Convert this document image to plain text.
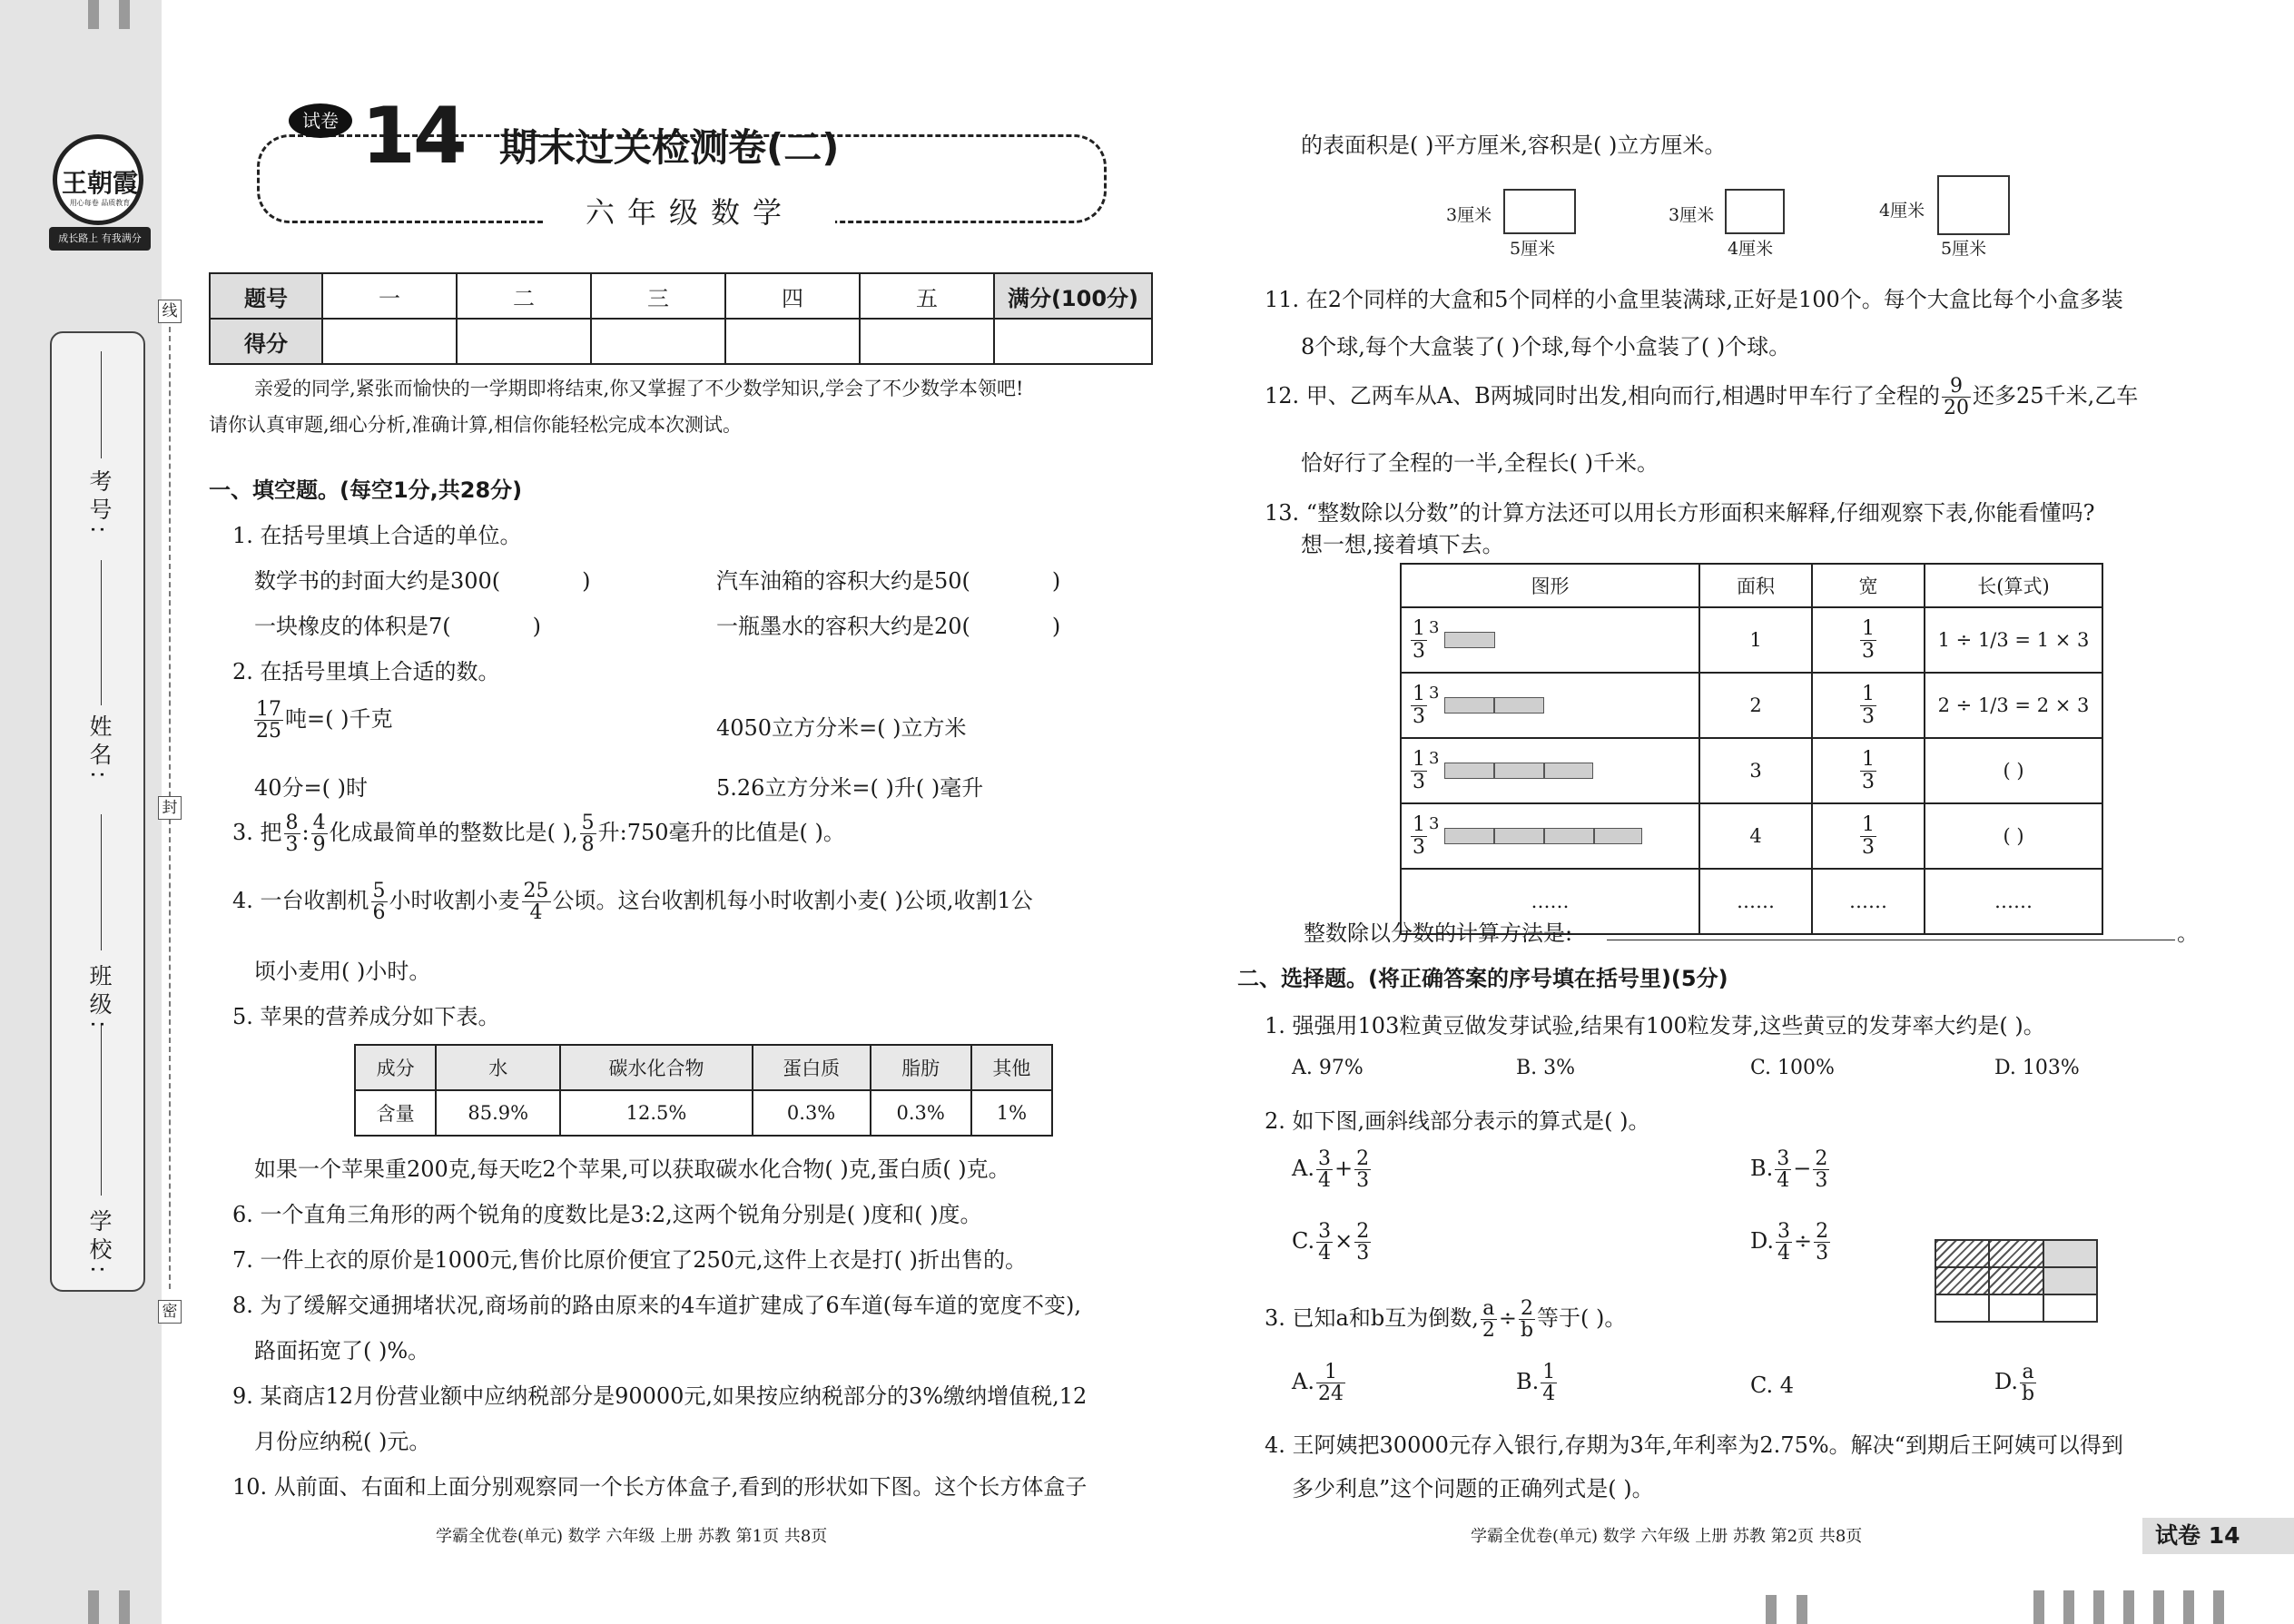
王朝霞
用心每卷 品质教育
成长路上 有我满分
学校:
班级:
姓名:
考号:
线
封
密
试卷 14 期末过关检测卷(二)
六年级数学
题号	一	二	三	四	五	满分(100分)
得分						
亲爱的同学,紧张而愉快的一学期即将结束,你又掌握了不少数学知识,学会了不少数学本领吧!
请你认真审题,细心分析,准确计算,相信你能轻松完成本次测试。
一、填空题。(每空1分,共28分)
1. 在括号里填上合适的单位。
数学书的封面大约是300(	)	汽车油箱的容积大约是50(	)
一块橡皮的体积是7(	)	一瓶墨水的容积大约是20(	)
2. 在括号里填上合适的数。
$\frac{17}{25}$ 吨=( )千克	4050立方分米=( )立方米
40分=( )时	5.26立方分米=( )升( )毫升
3. 把 $\frac{8}{3}$ : $\frac{4}{9}$ 化成最简单的整数比是( ), $\frac{5}{8}$ 升:750毫升的比值是( )。
4. 一台收割机 $\frac{5}{6}$ 小时收割小麦 $\frac{25}{4}$ 公顷。这台收割机每小时收割小麦( )公顷,收割1公
顷小麦用( )小时。
5. 苹果的营养成分如下表。
成分	水	碳水化合物	蛋白质	脂肪	其他
含量	85.9%	12.5%	0.3%	0.3%	1%
如果一个苹果重200克,每天吃2个苹果,可以获取碳水化合物( )克,蛋白质( )克。
6. 一个直角三角形的两个锐角的度数比是3:2,这两个锐角分别是( )度和( )度。
7. 一件上衣的原价是1000元,售价比原价便宜了250元,这件上衣是打( )折出售的。
8. 为了缓解交通拥堵状况,商场前的路由原来的4车道扩建成了6车道(每车道的宽度不变),
路面拓宽了( )%。
9. 某商店12月份营业额中应纳税部分是90000元,如果按应纳税部分的3%缴纳增值税,12
月份应纳税( )元。
10. 从前面、右面和上面分别观察同一个长方体盒子,看到的形状如下图。这个长方体盒子
学霸全优卷(单元) 数学 六年级 上册 苏教 第1页 共8页
的表面积是( )平方厘米,容积是( )立方厘米。
3厘米
5厘米
3厘米
4厘米
4厘米
5厘米
11. 在2个同样的大盒和5个同样的小盒里装满球,正好是100个。每个大盒比每个小盒多装
8个球,每个大盒装了( )个球,每个小盒装了( )个球。
12. 甲、乙两车从A、B两城同时出发,相向而行,相遇时甲车行了全程的 $\frac{9}{20}$ 还多25千米,乙车
恰好行了全程的一半,全程长( )千米。
13. “整数除以分数”的计算方法还可以用长方形面积来解释,仔细观察下表,你能看懂吗?
想一想,接着填下去。
图形	面积	宽	长(算式)

$\frac{1}{3} 3$	1	$\frac{1}{3}$	1 ÷ 1/3 = 1 × 3

$\frac{1}{3} 3$	2	$\frac{1}{3}$	2 ÷ 1/3 = 2 × 3

$\frac{1}{3} 3$	3	$\frac{1}{3}$	( )

$\frac{1}{3} 3$	4	$\frac{1}{3}$	( )
……	……	……	……
整数除以分数的计算方法是:	。
二、选择题。(将正确答案的序号填在括号里)(5分)
1. 强强用103粒黄豆做发芽试验,结果有100粒发芽,这些黄豆的发芽率大约是( )。
A. 97%	B. 3%	C. 100%	D. 103%
2. 如下图,画斜线部分表示的算式是( )。
A. $\frac{3}{4} + \frac{2}{3}$	B. $\frac{3}{4} - \frac{2}{3}$
C. $\frac{3}{4} \times \frac{2}{3}$	D. $\frac{3}{4} \div \frac{2}{3}$
3. 已知a和b互为倒数, $\frac{a}{2} \div \frac{2}{b}$ 等于( )。
A. $\frac{1}{24}$	B. $\frac{1}{4}$	C. 4	D. $\frac{a}{b}$
4. 王阿姨把30000元存入银行,存期为3年,年利率为2.75%。解决“到期后王阿姨可以得到
多少利息”这个问题的正确列式是( )。
学霸全优卷(单元) 数学 六年级 上册 苏教 第2页 共8页	试卷 14
